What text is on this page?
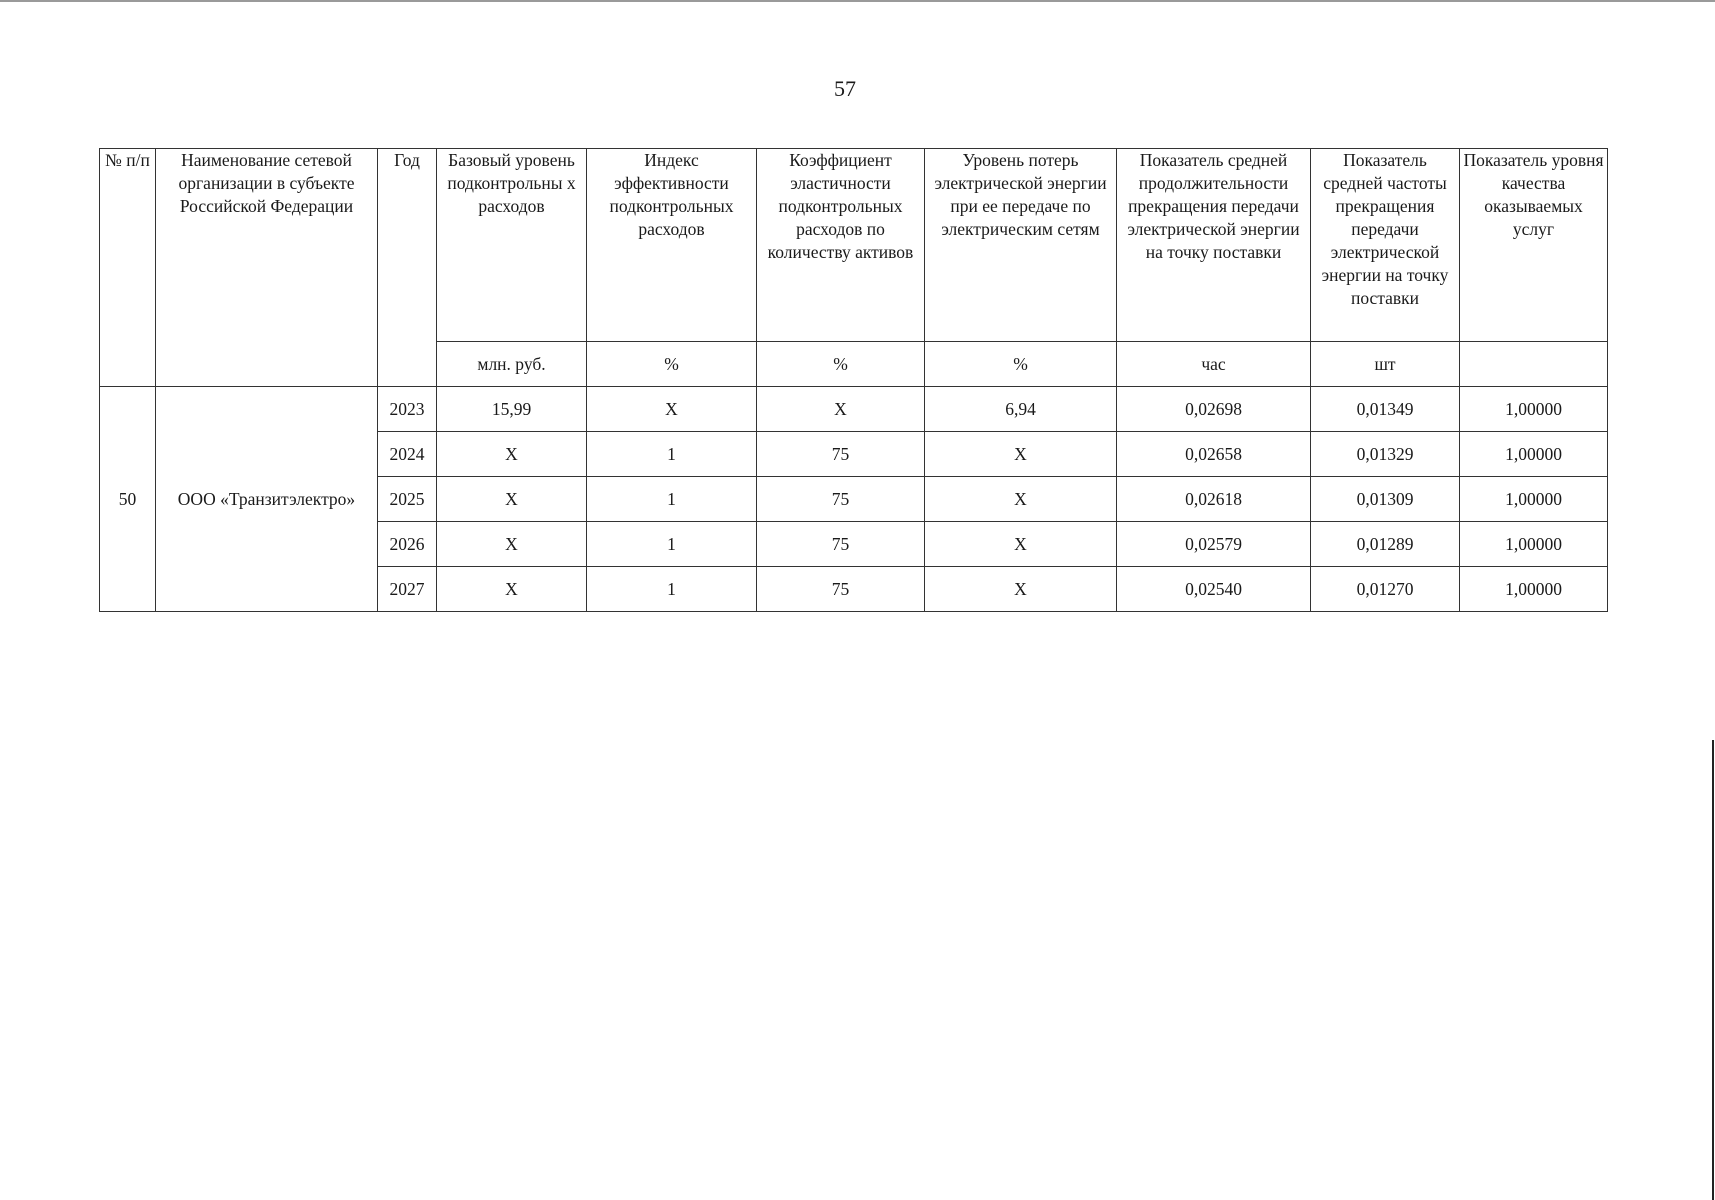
57
№ п/п	Наименование сетевой организации в субъекте Российской Федерации	Год	Базовый уровень подконтрольны х расходов	Индекс эффективности подконтрольных расходов	Коэффициент эластичности подконтрольных расходов по количеству активов	Уровень потерь электрической энергии при ее передаче по электрическим сетям	Показатель средней продолжительности прекращения передачи электрической энергии на точку поставки	Показатель средней частоты прекращения передачи электрической энергии на точку поставки	Показатель уровня качества оказываемых услуг
			млн. руб.	%	%	%	час	шт	
50	ООО «Транзитэлектро»	2023	15,99	X	X	6,94	0,02698	0,01349	1,00000
		2024	X	1	75	X	0,02658	0,01329	1,00000
		2025	X	1	75	X	0,02618	0,01309	1,00000
		2026	X	1	75	X	0,02579	0,01289	1,00000
		2027	X	1	75	X	0,02540	0,01270	1,00000
